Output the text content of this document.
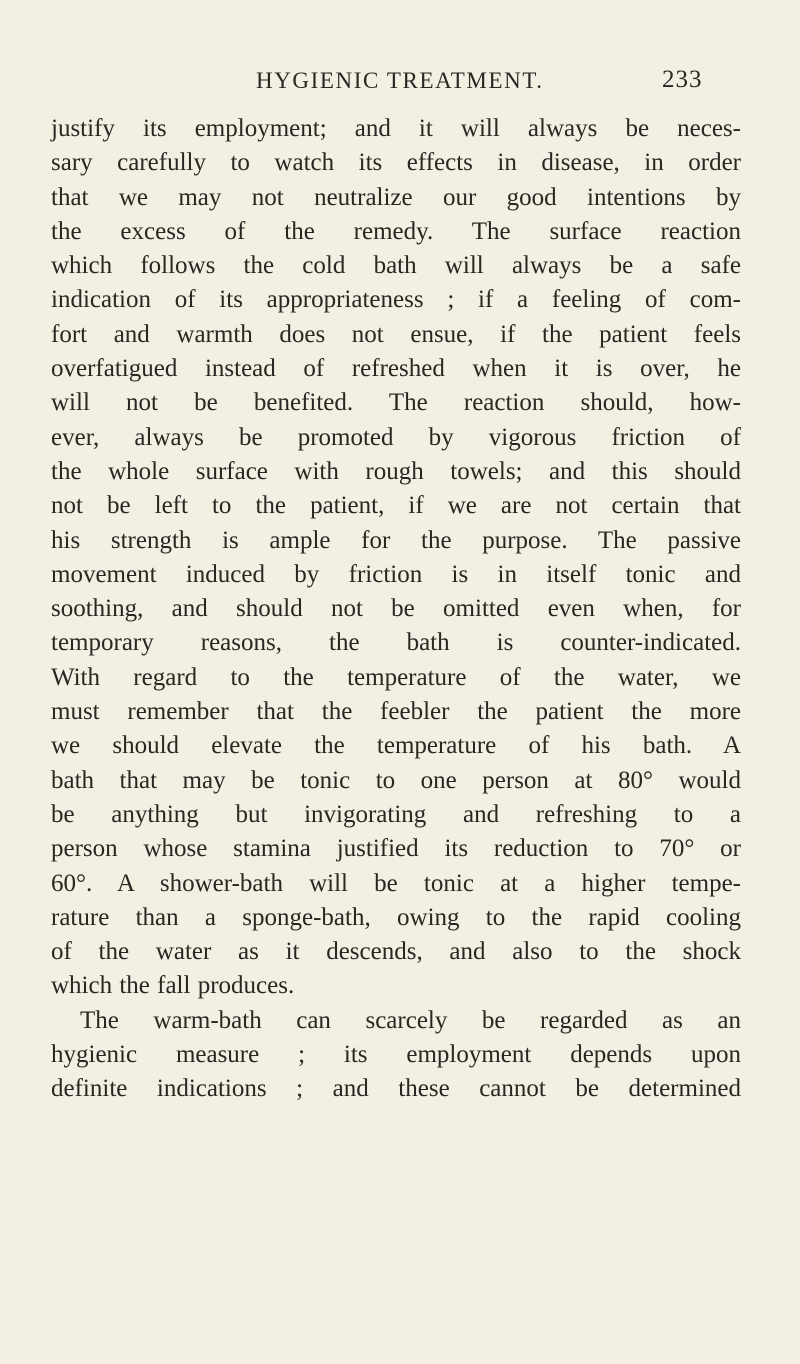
HYGIENIC TREATMENT.	233
justify its employment; and it will always be neces-
sary carefully to watch its effects in disease, in order
that we may not neutralize our good intentions by
the excess of the remedy. The surface reaction
which follows the cold bath will always be a safe
indication of its appropriateness ; if a feeling of com-
fort and warmth does not ensue, if the patient feels
overfatigued instead of refreshed when it is over, he
will not be benefited. The reaction should, how-
ever, always be promoted by vigorous friction of
the whole surface with rough towels; and this should
not be left to the patient, if we are not certain that
his strength is ample for the purpose. The passive
movement induced by friction is in itself tonic and
soothing, and should not be omitted even when, for
temporary reasons, the bath is counter-indicated.
With regard to the temperature of the water, we
must remember that the feebler the patient the more
we should elevate the temperature of his bath. A
bath that may be tonic to one person at 80° would
be anything but invigorating and refreshing to a
person whose stamina justified its reduction to 70° or
60°. A shower-bath will be tonic at a higher tempe-
rature than a sponge-bath, owing to the rapid cooling
of the water as it descends, and also to the shock
which the fall produces.
The warm-bath can scarcely be regarded as an
hygienic measure ; its employment depends upon
definite indications ; and these cannot be determined
